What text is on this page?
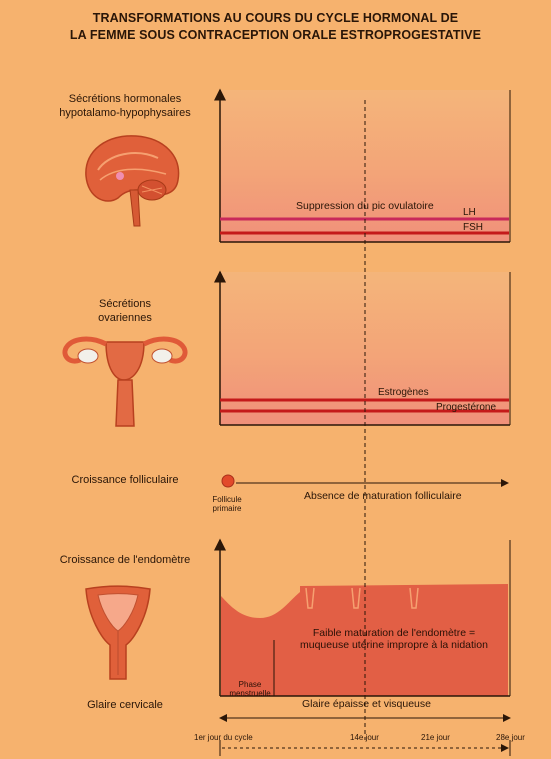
TRANSFORMATIONS AU COURS DU CYCLE HORMONAL DE
LA FEMME SOUS CONTRACEPTION ORALE ESTROPROGESTATIVE
Sécrétions hormonales
hypotalamo-hypophysaires
Sécrétions
ovariennes
Croissance folliculaire
Croissance de l'endomètre
Glaire cervicale
Suppression du pic ovulatoire
LH
FSH
Estrogènes
Progestérone
Follicule
primaire
Absence de maturation folliculaire
Faible maturation de l'endomètre =
muqueuse utérine impropre à la nidation
Phase
menstruelle
Glaire épaisse et visqueuse
1er jour du cycle	14e jour	21e jour	28e jour
